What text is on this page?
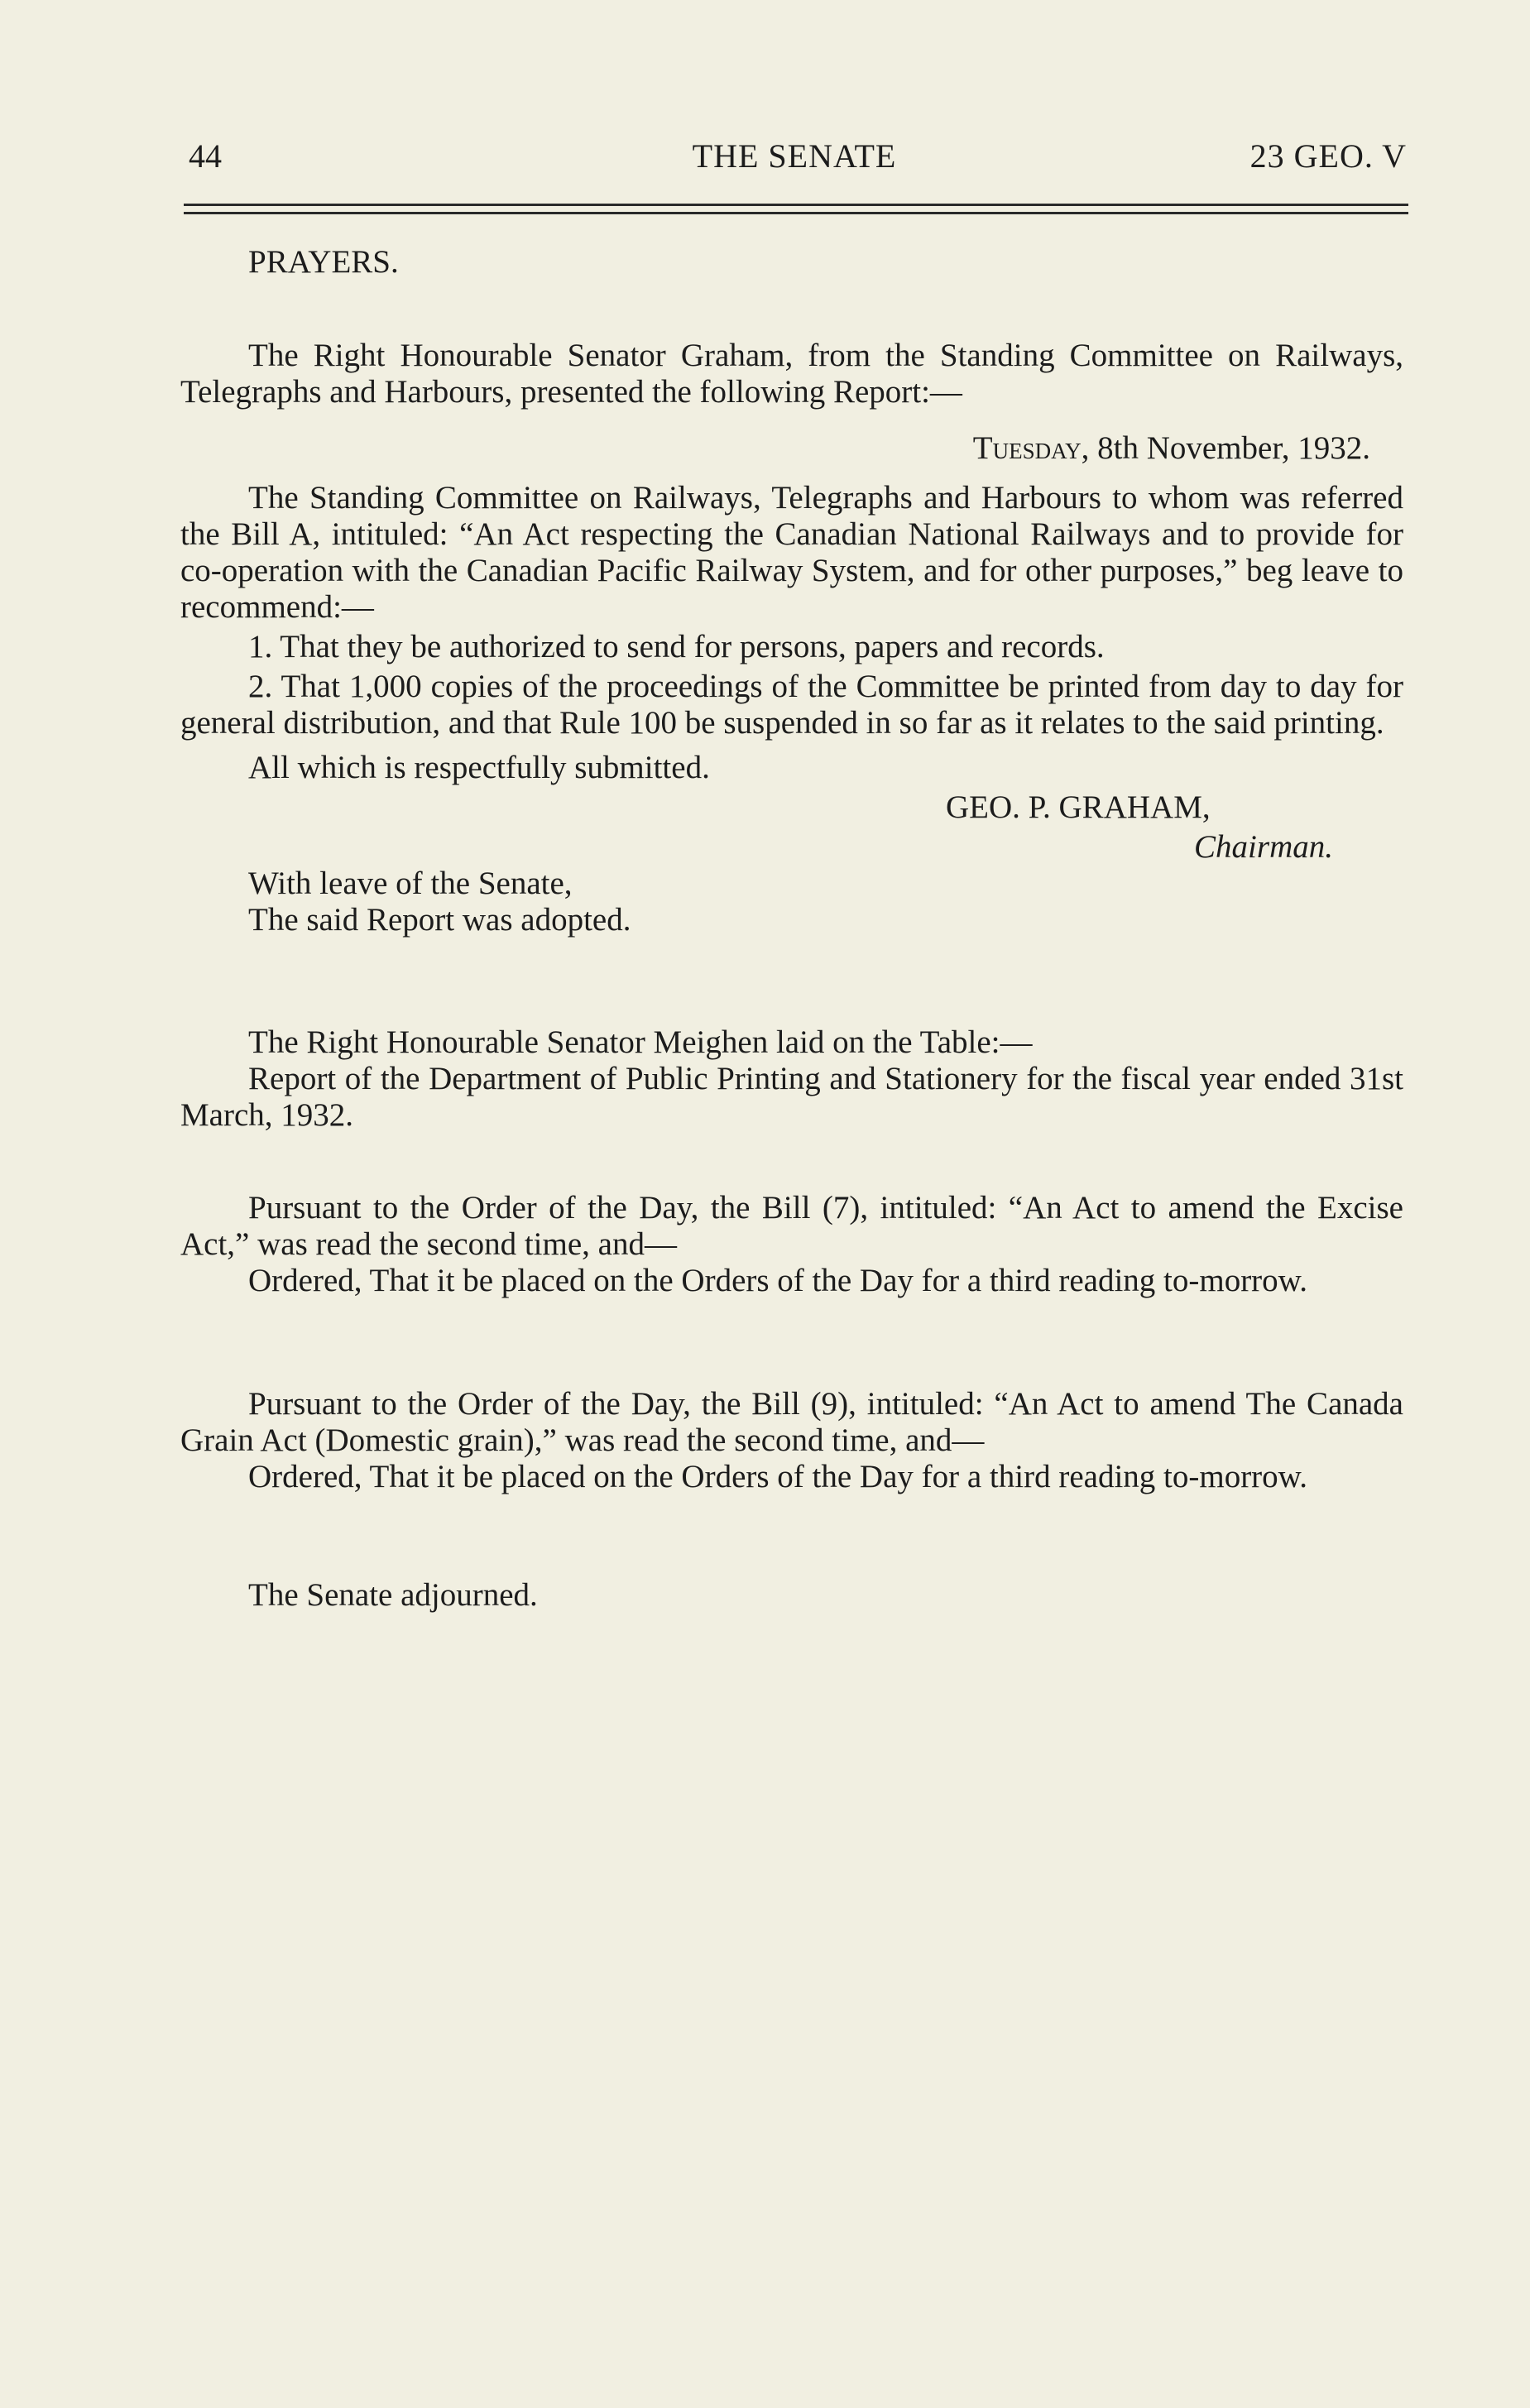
44	THE SENATE	23 GEO. V

PRAYERS.

The Right Honourable Senator Graham, from the Standing Committee on Railways, Telegraphs and Harbours, presented the following Report:—

Tuesday, 8th November, 1932.

The Standing Committee on Railways, Telegraphs and Harbours to whom was referred the Bill A, intituled: “An Act respecting the Canadian National Railways and to provide for co-operation with the Canadian Pacific Railway System, and for other purposes,” beg leave to recommend:—

1. That they be authorized to send for persons, papers and records.

2. That 1,000 copies of the proceedings of the Committee be printed from day to day for general distribution, and that Rule 100 be suspended in so far as it relates to the said printing.

All which is respectfully submitted.

GEO. P. GRAHAM,

Chairman.

With leave of the Senate,

The said Report was adopted.

The Right Honourable Senator Meighen laid on the Table:—

Report of the Department of Public Printing and Stationery for the fiscal year ended 31st March, 1932.

Pursuant to the Order of the Day, the Bill (7), intituled: “An Act to amend the Excise Act,” was read the second time, and—

Ordered, That it be placed on the Orders of the Day for a third reading to-morrow.

Pursuant to the Order of the Day, the Bill (9), intituled: “An Act to amend The Canada Grain Act (Domestic grain),” was read the second time, and—

Ordered, That it be placed on the Orders of the Day for a third reading to-morrow.

The Senate adjourned.
